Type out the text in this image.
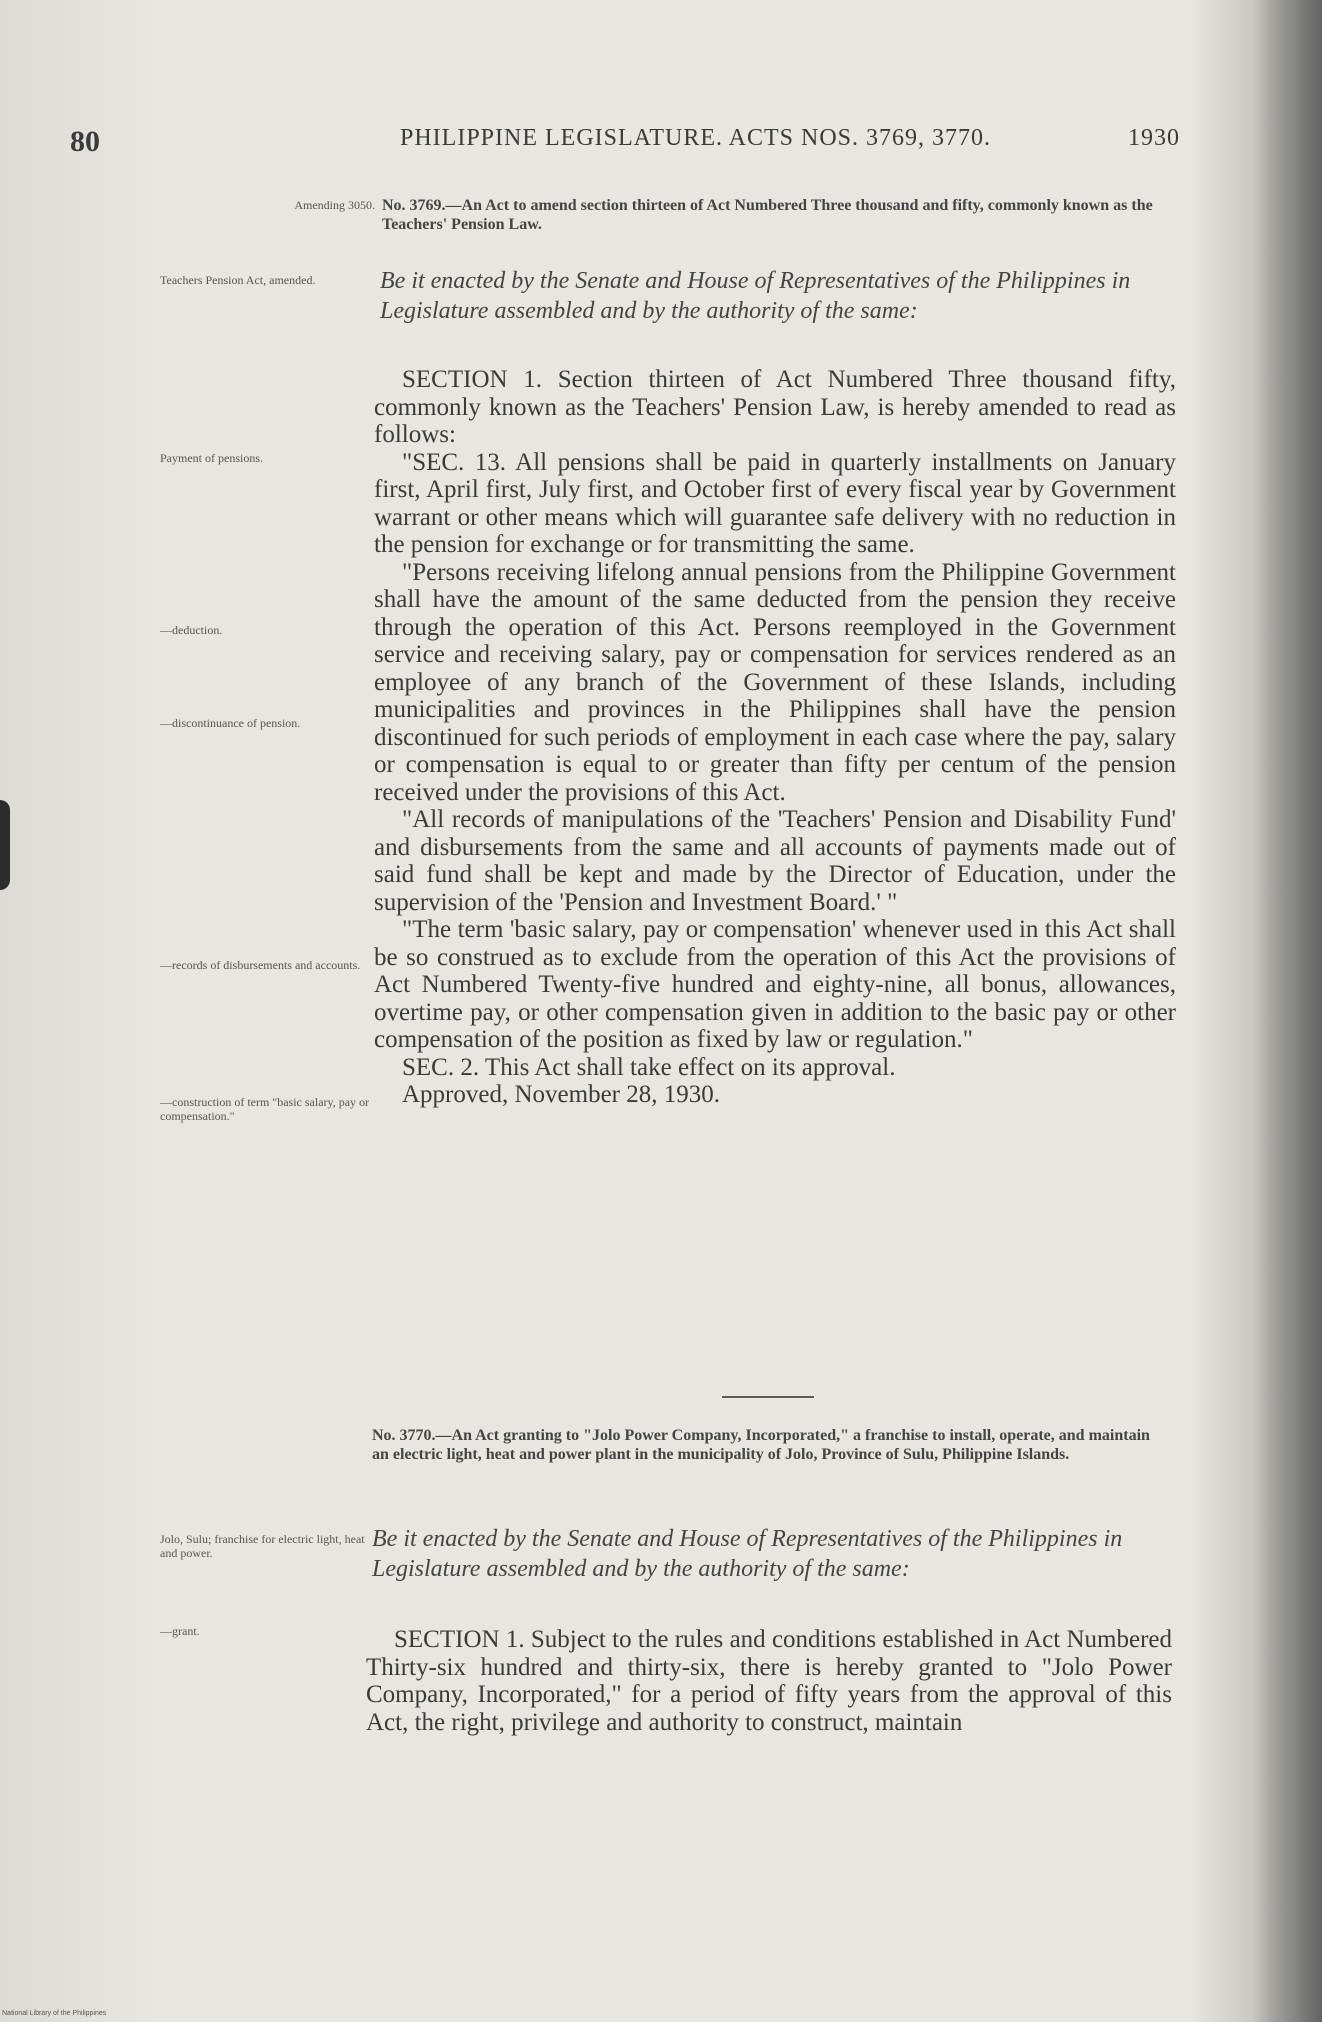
80	PHILIPPINE LEGISLATURE. ACTS NOS. 3769, 3770.	1930
Amending 3050. No. 3769.—An Act to amend section thirteen of Act Numbered Three thousand and fifty, commonly known as the Teachers' Pension Law.
Teachers Pension Act, amended.	Be it enacted by the Senate and House of Representatives of the Philippines in Legislature assembled and by the authority of the same:
Payment of pensions.
—deduction.
—discontinuance of pension.
—records of disbursements and accounts.
—construction of term "basic salary, pay or compensation."

SECTION 1. Section thirteen of Act Numbered Three thousand fifty, commonly known as the Teachers' Pension Law, is hereby amended to read as follows:

"SEC. 13. All pensions shall be paid in quarterly installments on January first, April first, July first, and October first of every fiscal year by Government warrant or other means which will guarantee safe delivery with no reduction in the pension for exchange or for transmitting the same.

"Persons receiving lifelong annual pensions from the Philippine Government shall have the amount of the same deducted from the pension they receive through the operation of this Act. Persons reemployed in the Government service and receiving salary, pay or compensation for services rendered as an employee of any branch of the Government of these Islands, including municipalities and provinces in the Philippines shall have the pension discontinued for such periods of employment in each case where the pay, salary or compensation is equal to or greater than fifty per centum of the pension received under the provisions of this Act.

"All records of manipulations of the 'Teachers' Pension and Disability Fund' and disbursements from the same and all accounts of payments made out of said fund shall be kept and made by the Director of Education, under the supervision of the 'Pension and Investment Board.' "

"The term 'basic salary, pay or compensation' whenever used in this Act shall be so construed as to exclude from the operation of this Act the provisions of Act Numbered Twenty-five hundred and eighty-nine, all bonus, allowances, overtime pay, or other compensation given in addition to the basic pay or other compensation of the position as fixed by law or regulation."

SEC. 2. This Act shall take effect on its approval.

Approved, November 28, 1930.

No. 3770.—An Act granting to "Jolo Power Company, Incorporated," a franchise to install, operate, and maintain an electric light, heat and power plant in the municipality of Jolo, Province of Sulu, Philippine Islands.
Jolo, Sulu; franchise for electric light, heat and power.
Be it enacted by the Senate and House of Representatives of the Philippines in Legislature assembled and by the authority of the same:
—grant.	SECTION 1. Subject to the rules and conditions established in Act Numbered Thirty-six hundred and thirty-six, there is hereby granted to "Jolo Power Company, Incorporated," for a period of fifty years from the approval of this Act, the right, privilege and authority to construct, maintain

National Library of the Philippines
